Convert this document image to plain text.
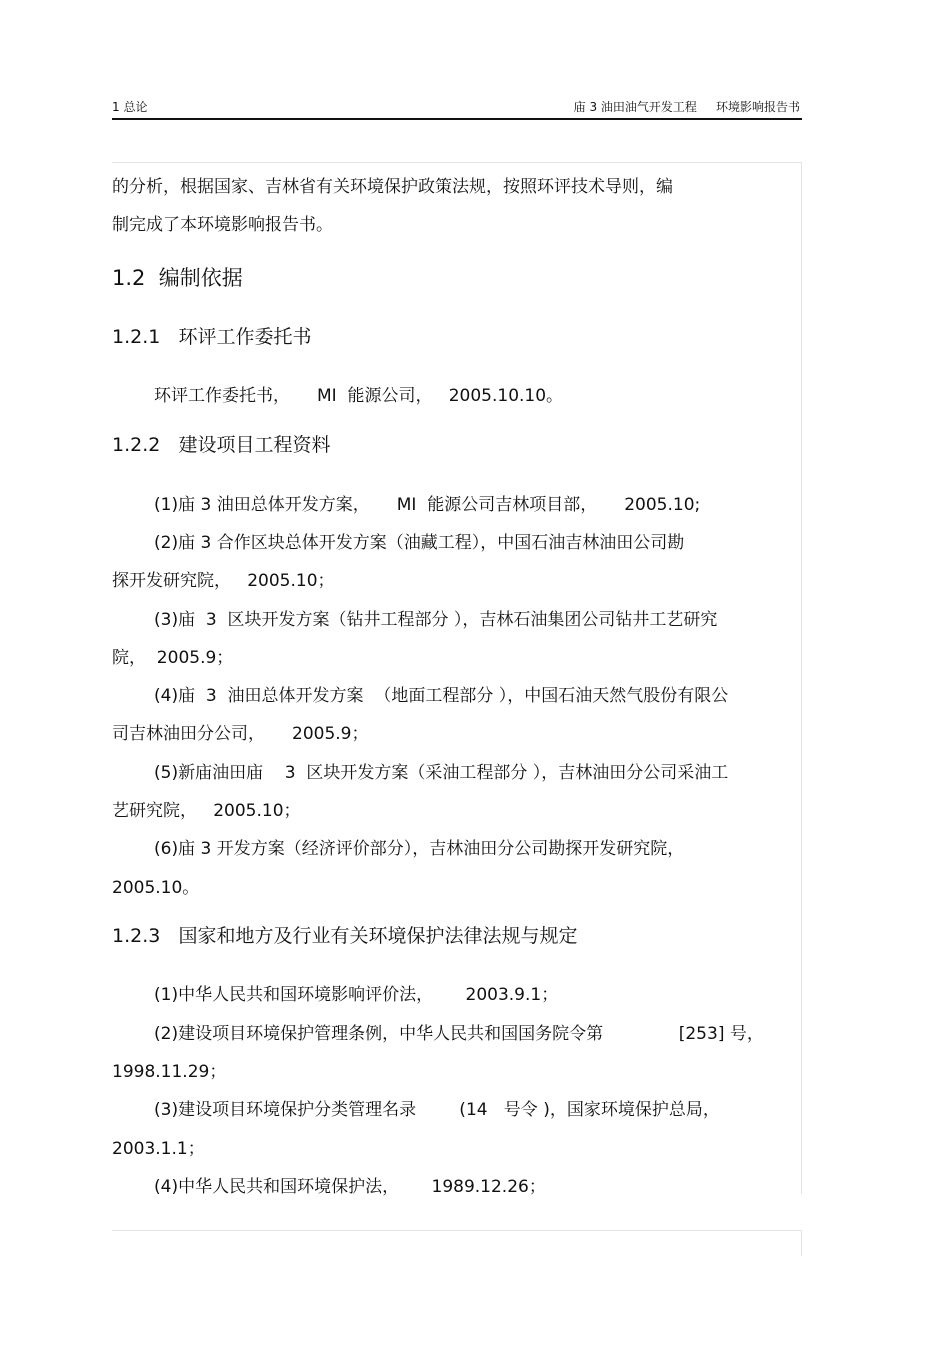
1 总论	庙 3 油田油气开发工程     环境影响报告书
的分析，根据国家、吉林省有关环境保护政策法规，按照环评技术导则，编
制完成了本环境影响报告书。
1.2  编制依据
1.2.1   环评工作委托书
环评工作委托书，     MI  能源公司，   2005.10.10。
1.2.2   建设项目工程资料
(1)庙 3 油田总体开发方案，     MI  能源公司吉林项目部，     2005.10;
(2)庙 3 合作区块总体开发方案（油藏工程），中国石油吉林油田公司勘
探开发研究院，   2005.10；
(3)庙  3  区块开发方案（钻井工程部分 ），吉林石油集团公司钻井工艺研究
院，  2005.9；
(4)庙  3  油田总体开发方案  （地面工程部分 ），中国石油天然气股份有限公
司吉林油田分公司，     2005.9；
(5)新庙油田庙    3  区块开发方案（采油工程部分 ），吉林油田分公司采油工
艺研究院，   2005.10；
(6)庙 3 开发方案（经济评价部分），吉林油田分公司勘探开发研究院，
2005.10。
1.2.3   国家和地方及行业有关环境保护法律法规与规定
(1)中华人民共和国环境影响评价法，      2003.9.1；
(2)建设项目环境保护管理条例，中华人民共和国国务院令第              [253] 号，
1998.11.29；
(3)建设项目环境保护分类管理名录        (14   号令 )，国家环境保护总局，
2003.1.1；
(4)中华人民共和国环境保护法，      1989.12.26；
